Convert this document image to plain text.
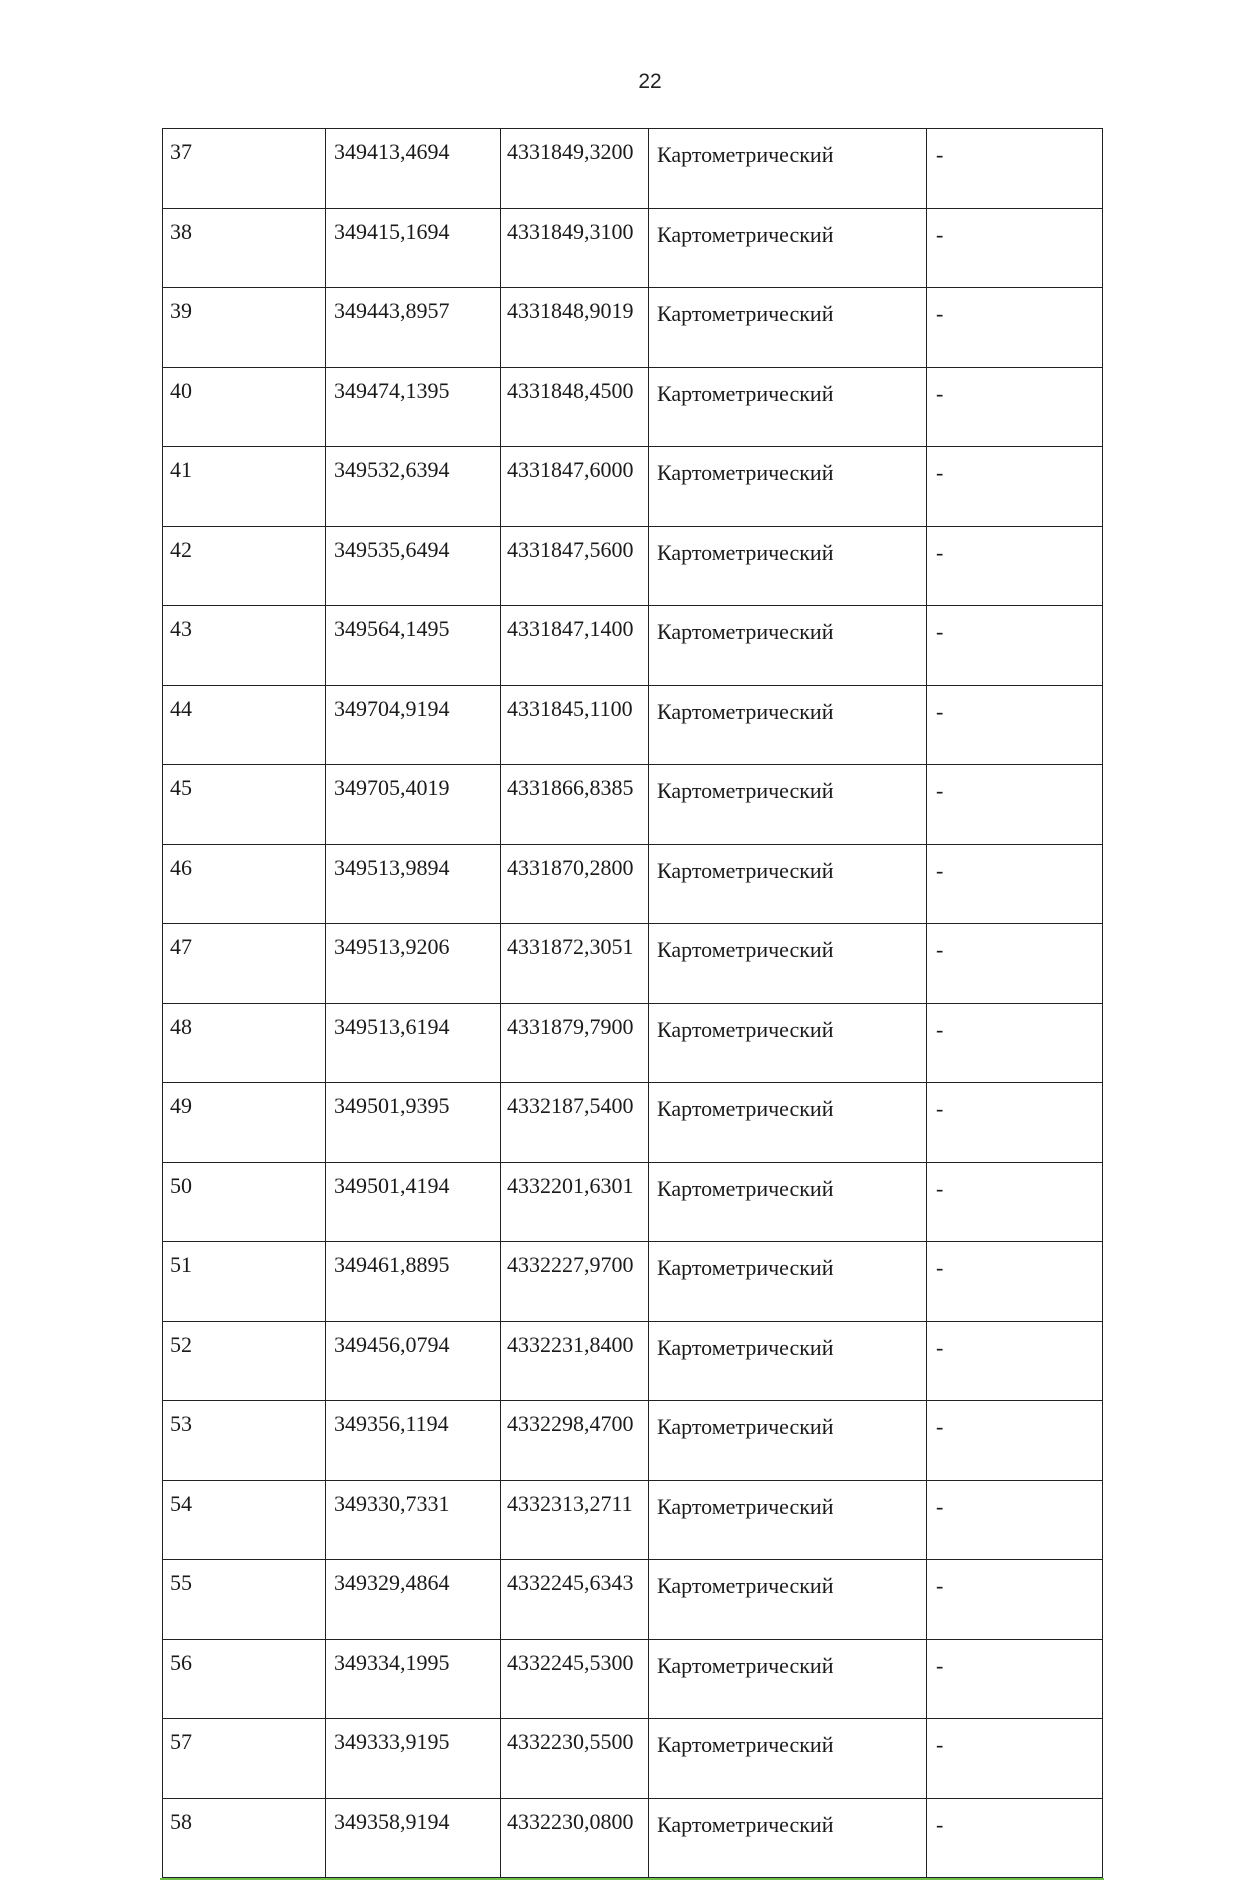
22
37	349413,4694	4331849,3200	Картометрический	-
38	349415,1694	4331849,3100	Картометрический	-
39	349443,8957	4331848,9019	Картометрический	-
40	349474,1395	4331848,4500	Картометрический	-
41	349532,6394	4331847,6000	Картометрический	-
42	349535,6494	4331847,5600	Картометрический	-
43	349564,1495	4331847,1400	Картометрический	-
44	349704,9194	4331845,1100	Картометрический	-
45	349705,4019	4331866,8385	Картометрический	-
46	349513,9894	4331870,2800	Картометрический	-
47	349513,9206	4331872,3051	Картометрический	-
48	349513,6194	4331879,7900	Картометрический	-
49	349501,9395	4332187,5400	Картометрический	-
50	349501,4194	4332201,6301	Картометрический	-
51	349461,8895	4332227,9700	Картометрический	-
52	349456,0794	4332231,8400	Картометрический	-
53	349356,1194	4332298,4700	Картометрический	-
54	349330,7331	4332313,2711	Картометрический	-
55	349329,4864	4332245,6343	Картометрический	-
56	349334,1995	4332245,5300	Картометрический	-
57	349333,9195	4332230,5500	Картометрический	-
58	349358,9194	4332230,0800	Картометрический	-
